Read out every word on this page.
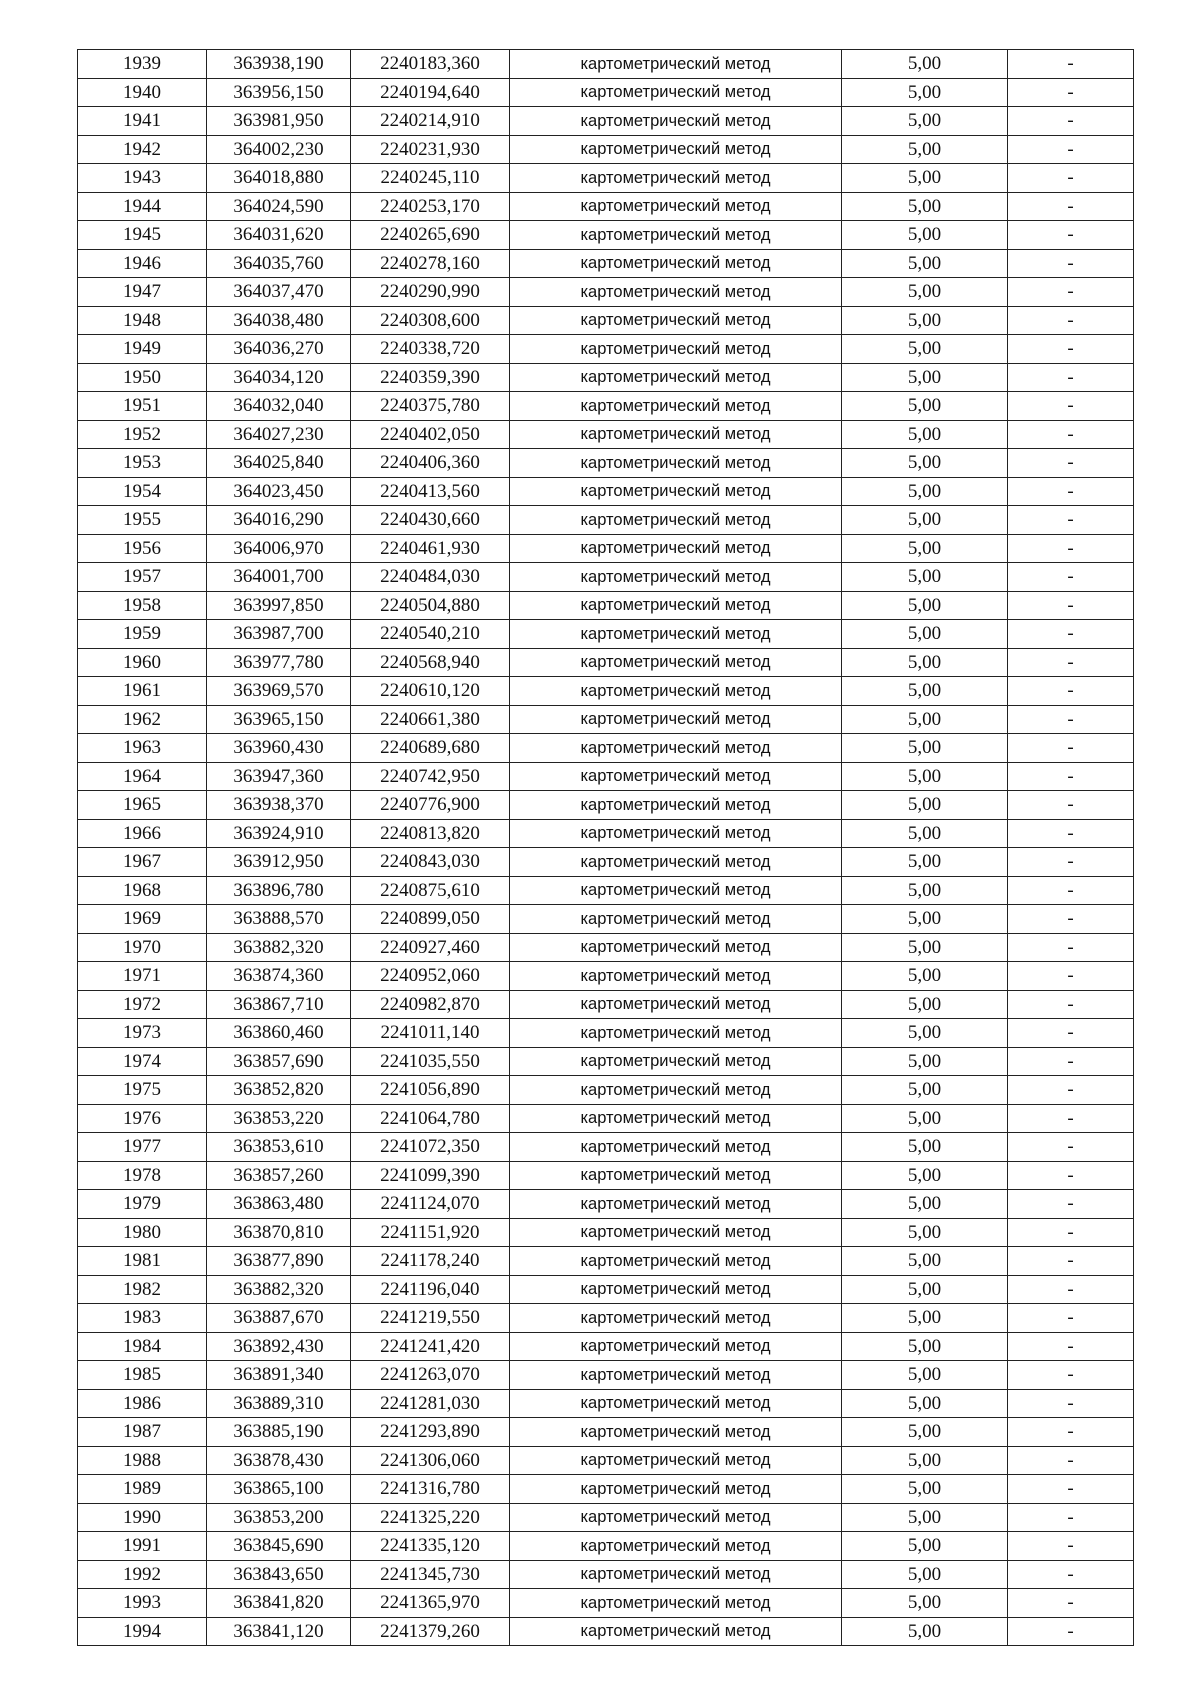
1939	363938,190	2240183,360	картометрический метод	5,00	-
1940	363956,150	2240194,640	картометрический метод	5,00	-
1941	363981,950	2240214,910	картометрический метод	5,00	-
1942	364002,230	2240231,930	картометрический метод	5,00	-
1943	364018,880	2240245,110	картометрический метод	5,00	-
1944	364024,590	2240253,170	картометрический метод	5,00	-
1945	364031,620	2240265,690	картометрический метод	5,00	-
1946	364035,760	2240278,160	картометрический метод	5,00	-
1947	364037,470	2240290,990	картометрический метод	5,00	-
1948	364038,480	2240308,600	картометрический метод	5,00	-
1949	364036,270	2240338,720	картометрический метод	5,00	-
1950	364034,120	2240359,390	картометрический метод	5,00	-
1951	364032,040	2240375,780	картометрический метод	5,00	-
1952	364027,230	2240402,050	картометрический метод	5,00	-
1953	364025,840	2240406,360	картометрический метод	5,00	-
1954	364023,450	2240413,560	картометрический метод	5,00	-
1955	364016,290	2240430,660	картометрический метод	5,00	-
1956	364006,970	2240461,930	картометрический метод	5,00	-
1957	364001,700	2240484,030	картометрический метод	5,00	-
1958	363997,850	2240504,880	картометрический метод	5,00	-
1959	363987,700	2240540,210	картометрический метод	5,00	-
1960	363977,780	2240568,940	картометрический метод	5,00	-
1961	363969,570	2240610,120	картометрический метод	5,00	-
1962	363965,150	2240661,380	картометрический метод	5,00	-
1963	363960,430	2240689,680	картометрический метод	5,00	-
1964	363947,360	2240742,950	картометрический метод	5,00	-
1965	363938,370	2240776,900	картометрический метод	5,00	-
1966	363924,910	2240813,820	картометрический метод	5,00	-
1967	363912,950	2240843,030	картометрический метод	5,00	-
1968	363896,780	2240875,610	картометрический метод	5,00	-
1969	363888,570	2240899,050	картометрический метод	5,00	-
1970	363882,320	2240927,460	картометрический метод	5,00	-
1971	363874,360	2240952,060	картометрический метод	5,00	-
1972	363867,710	2240982,870	картометрический метод	5,00	-
1973	363860,460	2241011,140	картометрический метод	5,00	-
1974	363857,690	2241035,550	картометрический метод	5,00	-
1975	363852,820	2241056,890	картометрический метод	5,00	-
1976	363853,220	2241064,780	картометрический метод	5,00	-
1977	363853,610	2241072,350	картометрический метод	5,00	-
1978	363857,260	2241099,390	картометрический метод	5,00	-
1979	363863,480	2241124,070	картометрический метод	5,00	-
1980	363870,810	2241151,920	картометрический метод	5,00	-
1981	363877,890	2241178,240	картометрический метод	5,00	-
1982	363882,320	2241196,040	картометрический метод	5,00	-
1983	363887,670	2241219,550	картометрический метод	5,00	-
1984	363892,430	2241241,420	картометрический метод	5,00	-
1985	363891,340	2241263,070	картометрический метод	5,00	-
1986	363889,310	2241281,030	картометрический метод	5,00	-
1987	363885,190	2241293,890	картометрический метод	5,00	-
1988	363878,430	2241306,060	картометрический метод	5,00	-
1989	363865,100	2241316,780	картометрический метод	5,00	-
1990	363853,200	2241325,220	картометрический метод	5,00	-
1991	363845,690	2241335,120	картометрический метод	5,00	-
1992	363843,650	2241345,730	картометрический метод	5,00	-
1993	363841,820	2241365,970	картометрический метод	5,00	-
1994	363841,120	2241379,260	картометрический метод	5,00	-
